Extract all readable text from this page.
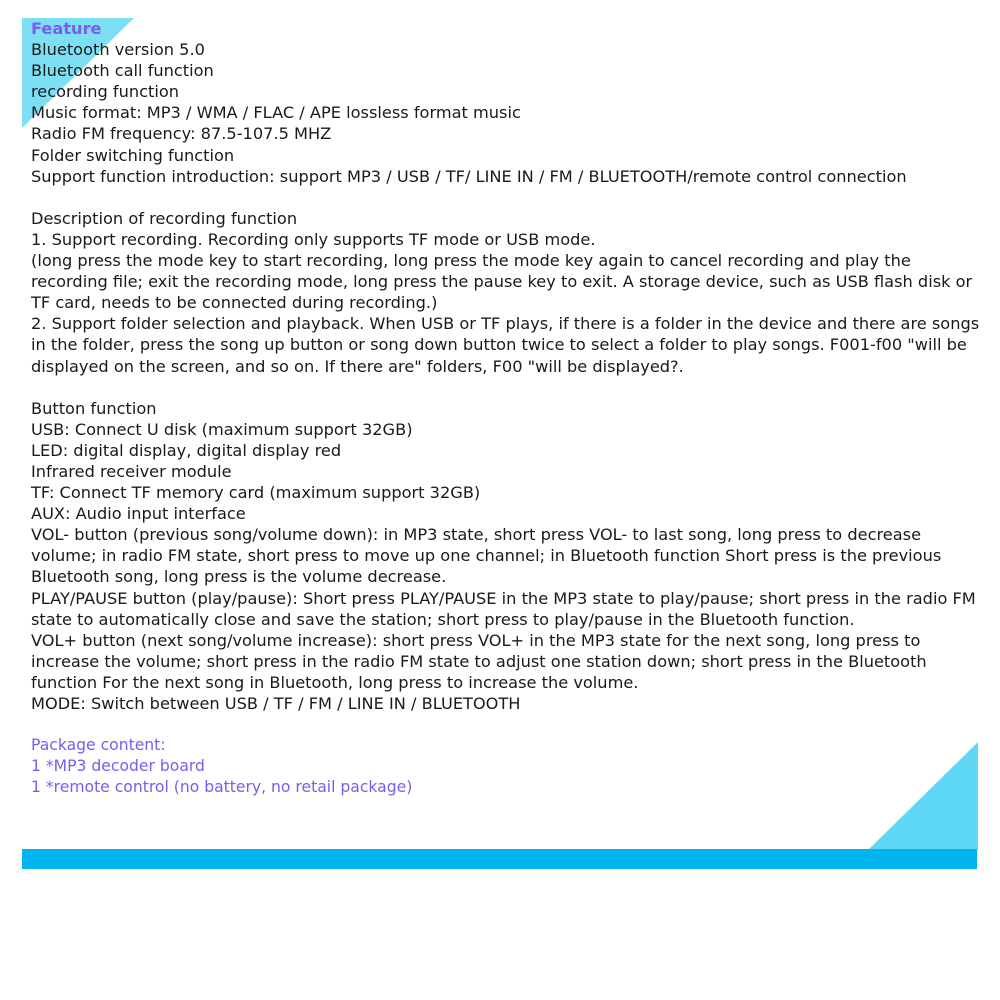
Feature
Bluetooth version 5.0
Bluetooth call function
recording function
Music format: MP3 / WMA / FLAC / APE lossless format music
Radio FM frequency: 87.5-107.5 MHZ
Folder switching function
Support function introduction: support MP3 / USB / TF/ LINE IN / FM / BLUETOOTH/remote control connection
Description of recording function
1. Support recording. Recording only supports TF mode or USB mode.
(long press the mode key to start recording, long press the mode key again to cancel recording and play the recording file; exit the recording mode, long press the pause key to exit. A storage device, such as USB flash disk or TF card, needs to be connected during recording.)
2. Support folder selection and playback. When USB or TF plays, if there is a folder in the device and there are songs in the folder, press the song up button or song down button twice to select a folder to play songs. F001-f00 "will be displayed on the screen, and so on. If there are" folders, F00 "will be displayed?.
Button function
USB: Connect U disk (maximum support 32GB)
LED: digital display, digital display red
Infrared receiver module
TF: Connect TF memory card (maximum support 32GB)
AUX: Audio input interface
VOL- button (previous song/volume down): in MP3 state, short press VOL- to last song, long press to decrease volume; in radio FM state, short press to move up one channel; in Bluetooth function Short press is the previous Bluetooth song, long press is the volume decrease.
PLAY/PAUSE button (play/pause): Short press PLAY/PAUSE in the MP3 state to play/pause; short press in the radio FM state to automatically close and save the station; short press to play/pause in the Bluetooth function.
VOL+ button (next song/volume increase): short press VOL+ in the MP3 state for the next song, long press to increase the volume; short press in the radio FM state to adjust one station down; short press in the Bluetooth function For the next song in Bluetooth, long press to increase the volume.
MODE: Switch between USB / TF / FM / LINE IN / BLUETOOTH
Package content:
1 *MP3 decoder board
1 *remote control (no battery, no retail package)
